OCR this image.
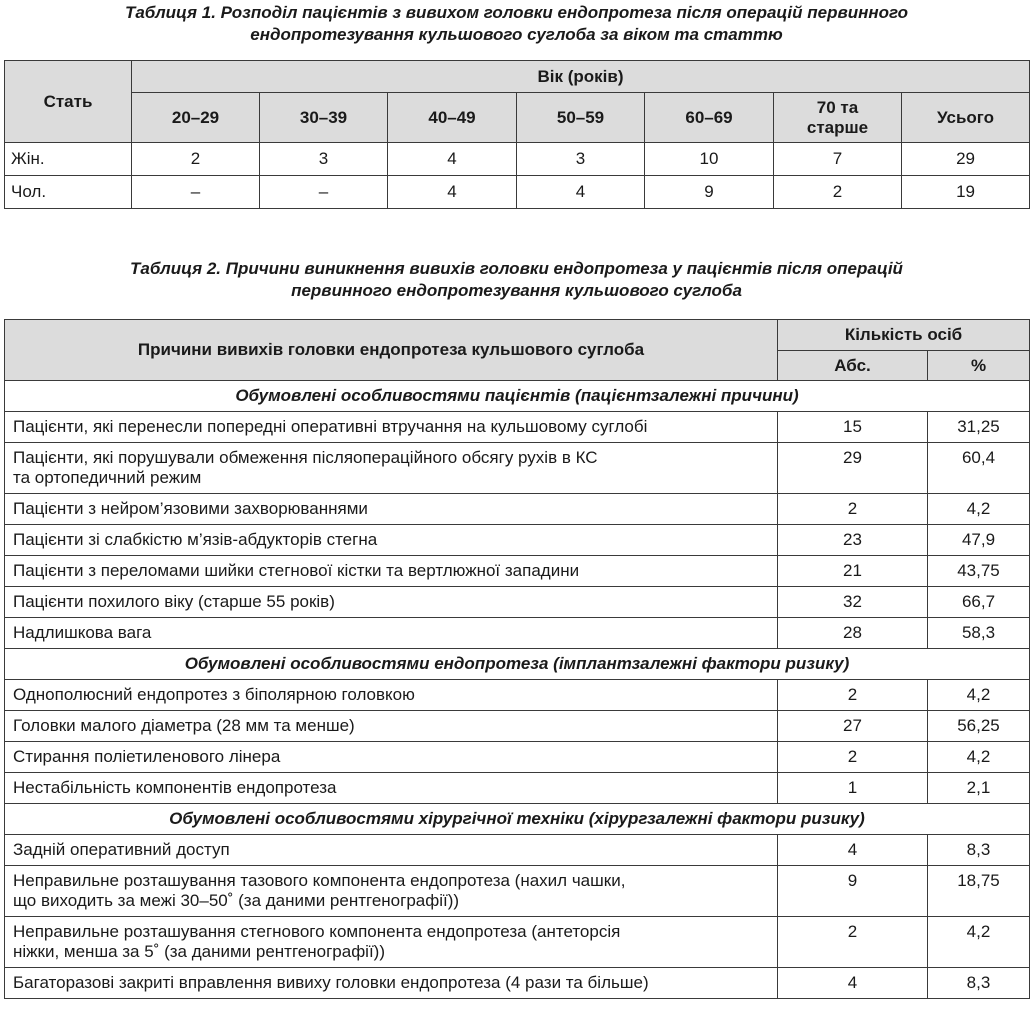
Таблиця 1. Розподіл пацієнтів з вивихом головки ендопротеза після операцій первинного
ендопротезування кульшового суглоба за віком та статтю
Стать	Вік (років)						
	20–29	30–39	40–49	50–59	60–69	70 та
старше	Усього
Жін.	2	3	4	3	10	7	29
Чол.	–	–	4	4	9	2	19
Таблиця 2. Причини виникнення вивихів головки ендопротеза у пацієнтів після операцій
первинного ендопротезування кульшового суглоба
Причини вивихів головки ендопротеза кульшового суглоба	Кількість осіб	
	Абс.	%
Обумовлені особливостями пацієнтів (пацієнтзалежні причини)		

Пацієнти, які перенесли попередні оперативні втручання на кульшовому суглобі	15	31,25

Пацієнти, які порушували обмеження післяопераційного обсягу рухів в КС
та ортопедичний режим	29	60,4

Пацієнти з нейром’язовими захворюваннями	2	4,2

Пацієнти зі слабкістю м’язів-абдукторів стегна	23	47,9

Пацієнти з переломами шийки стегнової кістки та вертлюжної западини	21	43,75

Пацієнти похилого віку (старше 55 років)	32	66,7

Надлишкова вага	28	58,3
Обумовлені особливостями ендопротеза (імплантзалежні фактори ризику)		

Однополюсний ендопротез з біполярною головкою	2	4,2

Головки малого діаметра (28 мм та менше)	27	56,25

Стирання поліетиленового лінера	2	4,2

Нестабільність компонентів ендопротеза	1	2,1
Обумовлені особливостями хірургічної техніки (хірургзалежні фактори ризику)		

Задній оперативний доступ	4	8,3

Неправильне розташування тазового компонента ендопротеза (нахил чашки,
що виходить за межі 30–50˚ (за даними рентгенографії))	9	18,75

Неправильне розташування стегнового компонента ендопротеза (антеторсія
ніжки, менша за 5˚ (за даними рентгенографії))	2	4,2

Багаторазові закриті вправлення вивиху головки ендопротеза (4 рази та більше)	4	8,3
